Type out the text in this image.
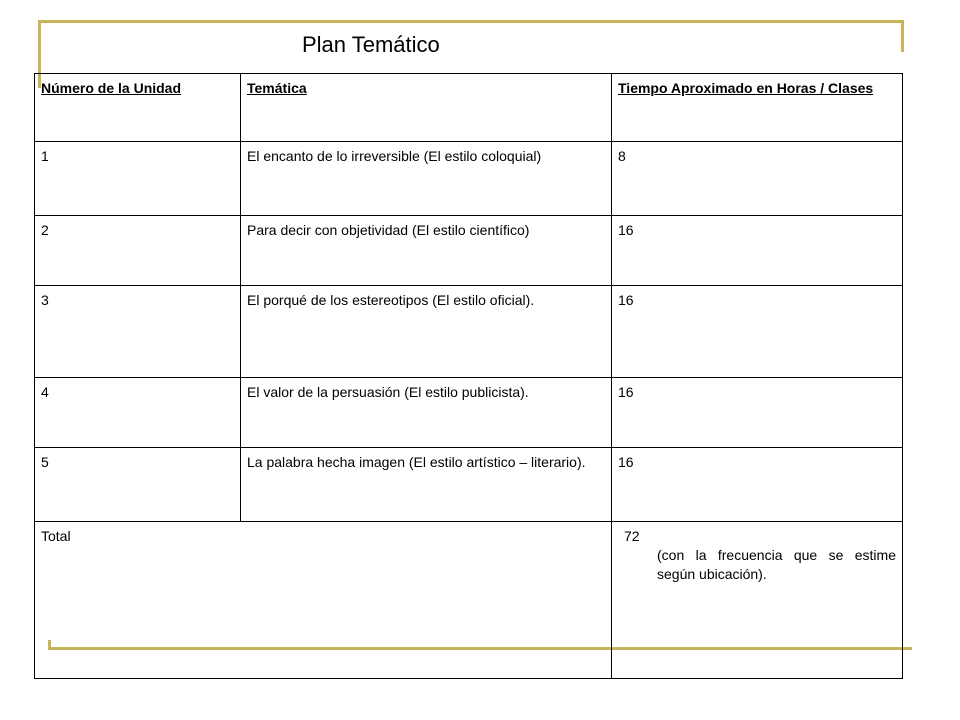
Plan Temático
Número de la Unidad	Temática	Tiempo Aproximado en Horas / Clases
1	El encanto de lo irreversible (El estilo coloquial)	8
2	Para decir con objetividad (El estilo científico)	16
3	El porqué de los estereotipos (El estilo oficial).	16
4	El valor de la persuasión (El estilo publicista).	16
5	La palabra hecha imagen (El estilo artístico – literario).	16
Total		72
(con la frecuencia que se estime según ubicación).
